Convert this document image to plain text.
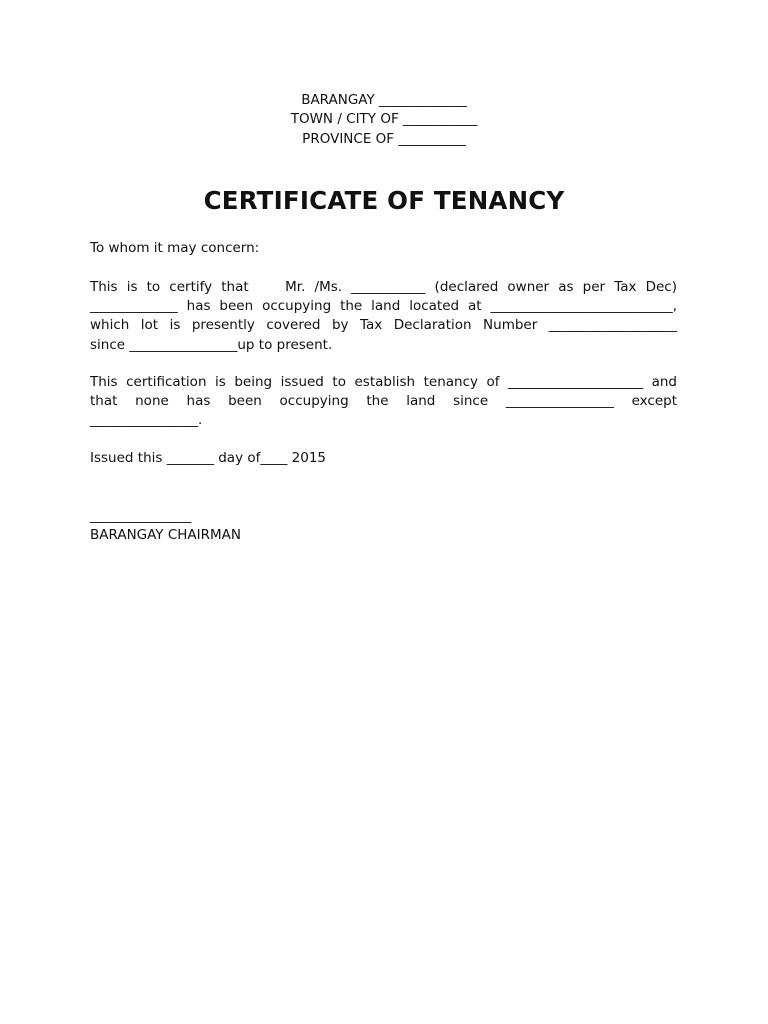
BARANGAY _____________
TOWN / CITY OF ___________
PROVINCE OF __________
CERTIFICATE OF TENANCY
To whom it may concern:
This is to certify that    Mr. /Ms. ___________ (declared owner as per Tax Dec)
_____________ has been occupying the land located at ___________________________,
which lot is presently covered by Tax Declaration Number ___________________
since ________________up to present.
This certification is being issued to establish tenancy of ____________________ and
that none has been occupying the land since ________________ except
________________.
Issued this _______ day of____ 2015
_______________
BARANGAY CHAIRMAN
